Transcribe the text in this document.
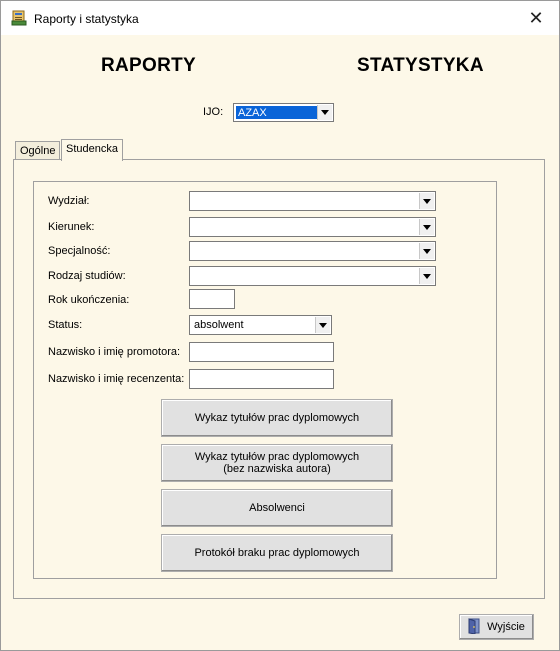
Raporty i statystyka	✕
RAPORTY	STATYSTYKA
IJO: AZAX
Ogólne Studencka
Wydział:
Kierunek:
Specjalność:
Rodzaj studiów:
Rok ukończenia:
Status:	absolwent
Nazwisko i imię promotora:
Nazwisko i imię recenzenta:
Wykaz tytułów prac dyplomowych
Wykaz tytułów prac dyplomowych
(bez nazwiska autora)
Absolwenci
Protokół braku prac dyplomowych
Wyjście
